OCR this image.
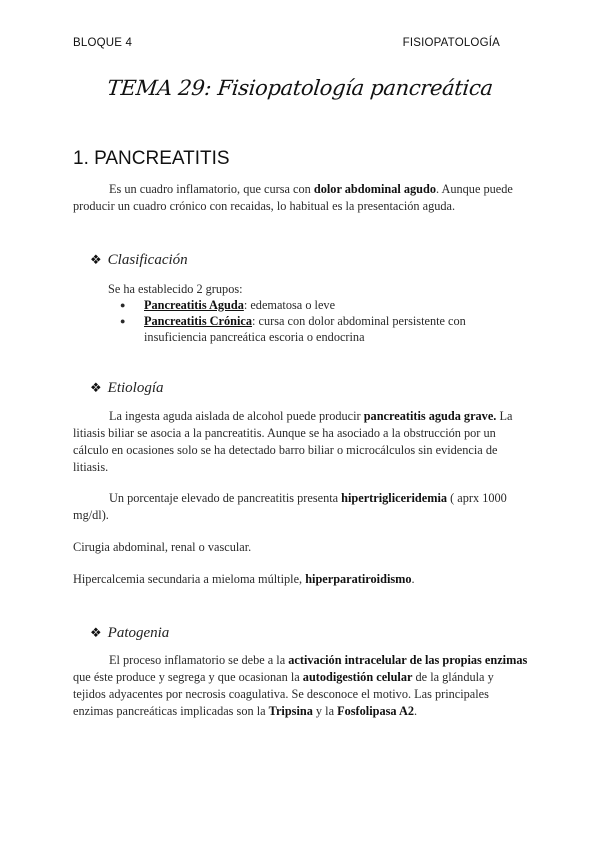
BLOQUE 4	FISIOPATOLOGÍA
TEMA 29: Fisiopatología pancreática
1. PANCREATITIS
Es un cuadro inflamatorio, que cursa con dolor abdominal agudo. Aunque puede producir un cuadro crónico con recaidas, lo habitual es la presentación aguda.
❖ Clasificación
Se ha establecido 2 grupos:
● Pancreatitis Aguda: edematosa o leve
● Pancreatitis Crónica: cursa con dolor abdominal persistente con insuficiencia pancreática escoria o endocrina
❖ Etiología
La ingesta aguda aislada de alcohol puede producir pancreatitis aguda grave. La litiasis biliar se asocia a la pancreatitis. Aunque se ha asociado a la obstrucción por un cálculo en ocasiones solo se ha detectado barro biliar o microcálculos sin evidencia de litiasis.
Un porcentaje elevado de pancreatitis presenta hipertrigliceridemia ( aprx 1000 mg/dl).
Cirugia abdominal, renal o vascular.
Hipercalcemia secundaria a mieloma múltiple, hiperparatiroidismo.
❖ Patogenia
El proceso inflamatorio se debe a la activación intracelular de las propias enzimas que éste produce y segrega y que ocasionan la autodigestión celular de la glándula y tejidos adyacentes por necrosis coagulativa. Se desconoce el motivo. Las principales enzimas pancreáticas implicadas son la Tripsina y la Fosfolipasa A2.
